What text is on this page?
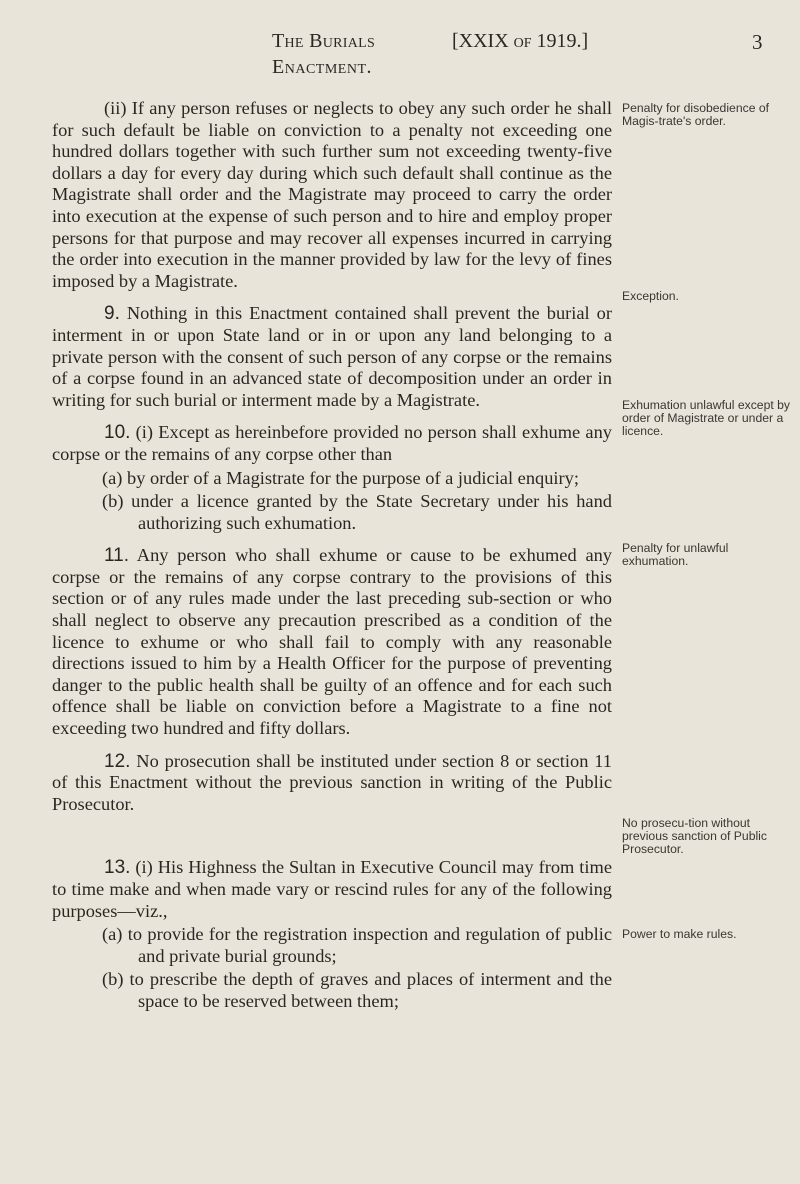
The Burials	[XXIX of 1919.]
Enactment.
3

(ii) If any person refuses or neglects to obey any such order he shall for such default be liable on conviction to a penalty not exceeding one hundred dollars together with such further sum not exceeding twenty-five dollars a day for every day during which such default shall continue as the Magistrate shall order and the Magistrate may proceed to carry the order into execution at the expense of such person and to hire and employ proper persons for that purpose and may recover all expenses incurred in carrying the order into execution in the manner provided by law for the levy of fines imposed by a Magistrate.

9. Nothing in this Enactment contained shall prevent the burial or interment in or upon State land or in or upon any land belonging to a private person with the consent of such person of any corpse or the remains of a corpse found in an advanced state of decomposition under an order in writing for such burial or interment made by a Magistrate.

10. (i) Except as hereinbefore provided no person shall exhume any corpse or the remains of any corpse other than

(a) by order of a Magistrate for the purpose of a judicial enquiry;

(b) under a licence granted by the State Secretary under his hand authorizing such exhumation.

11. Any person who shall exhume or cause to be exhumed any corpse or the remains of any corpse contrary to the provisions of this section or of any rules made under the last preceding sub-section or who shall neglect to observe any precaution prescribed as a condition of the licence to exhume or who shall fail to comply with any reasonable directions issued to him by a Health Officer for the purpose of preventing danger to the public health shall be guilty of an offence and for each such offence shall be liable on conviction before a Magistrate to a fine not exceeding two hundred and fifty dollars.

12. No prosecution shall be instituted under section 8 or section 11 of this Enactment without the previous sanction in writing of the Public Prosecutor.

13. (i) His Highness the Sultan in Executive Council may from time to time make and when made vary or rescind rules for any of the following purposes—viz.,

(a) to provide for the registration inspection and regulation of public and private burial grounds;

(b) to prescribe the depth of graves and places of interment and the space to be reserved between them;

Penalty for disobedience of Magis-trate's order.
Exception.
Exhumation unlawful except by order of Magistrate or under a licence.
Penalty for unlawful exhumation.
No prosecu-tion without previous sanction of Public Prosecutor.
Power to make rules.
